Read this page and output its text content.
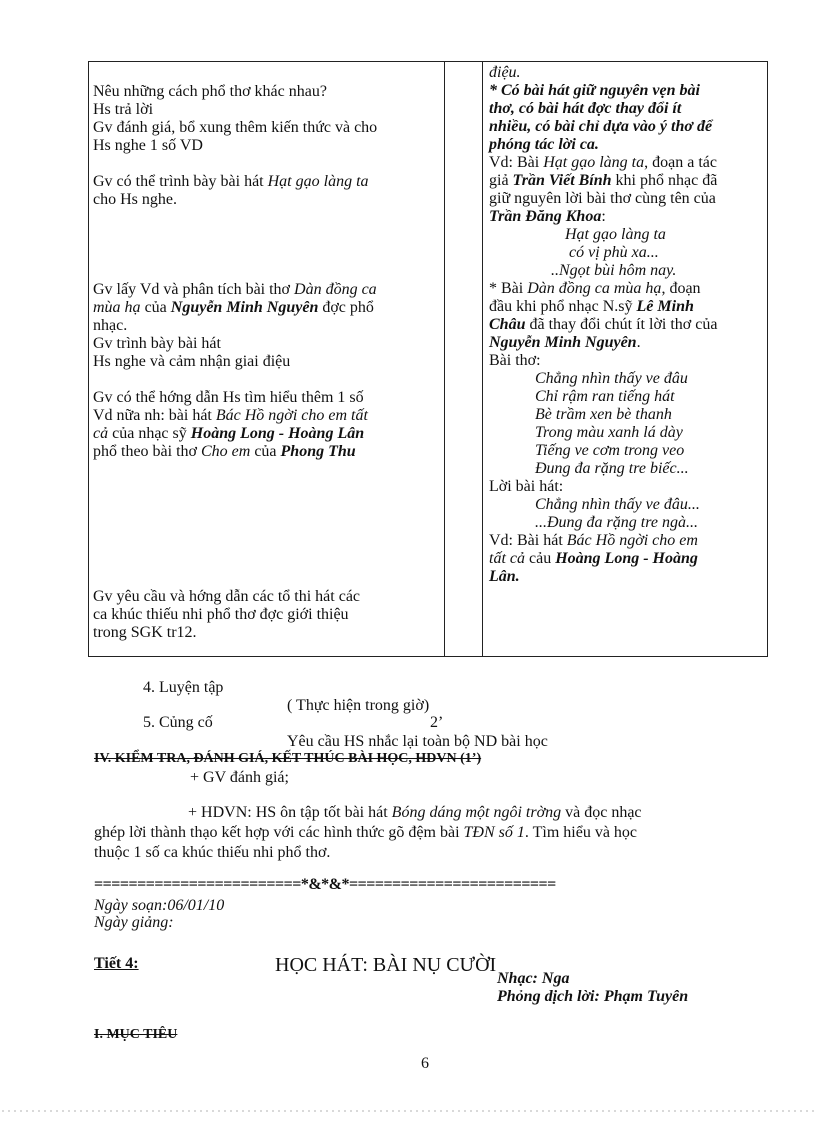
Nêu những cách phổ thơ khác nhau?
Hs trả lời
Gv đánh giá, bổ xung thêm kiến thức và cho
Hs nghe 1 số VD
Gv có thể trình bày bài hát Hạt gạo làng ta
cho Hs nghe.
Gv lấy Vd và phân tích bài thơ Dàn đồng ca
mùa hạ của Nguyễn Minh Nguyên đợc phổ
nhạc.
Gv trình bày bài hát
Hs nghe và cảm nhận giai điệu
Gv có thể hớng dẫn Hs tìm hiểu thêm 1 số
Vd nữa nh: bài hát Bác Hồ ngời cho em tất
cả của nhạc sỹ Hoàng Long - Hoàng Lân
phổ theo bài thơ Cho em của Phong Thu
Gv yêu cầu và hớng dẫn các tổ thi hát các
ca khúc thiếu nhi phổ thơ đợc giới thiệu
trong SGK tr12.
điệu.
* Có bài hát giữ nguyên vẹn bài
thơ, có bài hát đợc thay đổi ít
nhiều, có bài chỉ dựa vào ý thơ để
phóng tác lời ca.
Vd: Bài Hạt gạo làng ta, đoạn a tác
giả Trần Viết Bính khi phổ nhạc đã
giữ nguyên lời bài thơ cùng tên của
Trần Đăng Khoa:
Hạt gạo làng ta
có vị phù xa...
..Ngọt bùi hôm nay.
* Bài Dàn đồng ca mùa hạ, đoạn
đầu khi phổ nhạc N.sỹ Lê Minh
Châu đã thay đổi chút ít lời thơ của
Nguyễn Minh Nguyên.
Bài thơ:
Chẳng nhìn thấy ve đâu
Chỉ rậm ran tiếng hát
Bè trầm xen bè thanh
Trong màu xanh lá dày
Tiếng ve cơm trong veo
Đung đa rặng tre biếc...
Lời bài hát:
Chẳng nhìn thấy ve đâu...
...Đung đa rặng tre ngà...
Vd: Bài hát Bác Hồ ngời cho em
tất cả cảu Hoàng Long - Hoàng
Lân.
4. Luyện tập
( Thực hiện trong giờ)
5. Củng cố	2’
Yêu cầu HS nhắc lại toàn bộ ND bài học
IV. KIỂM TRA, ĐÁNH GIÁ, KẾT THÚC BÀI HỌC, HDVN (1’)
+ GV đánh giá;
+ HDVN: HS ôn tập tốt bài hát Bóng dáng một ngôi trờng và đọc nhạc
ghép lời thành thạo kết hợp với các hình thức gõ đệm bài TĐN số 1. Tìm hiểu và học
thuộc 1 số ca khúc thiếu nhi phổ thơ.
========================*&*&*========================
Ngày soạn:06/01/10
Ngày giảng:
Tiết 4:	HỌC HÁT: BÀI NỤ CƯỜI
Nhạc: Nga
Phỏng dịch lời: Phạm Tuyên
I. MỤC TIÊU
6
